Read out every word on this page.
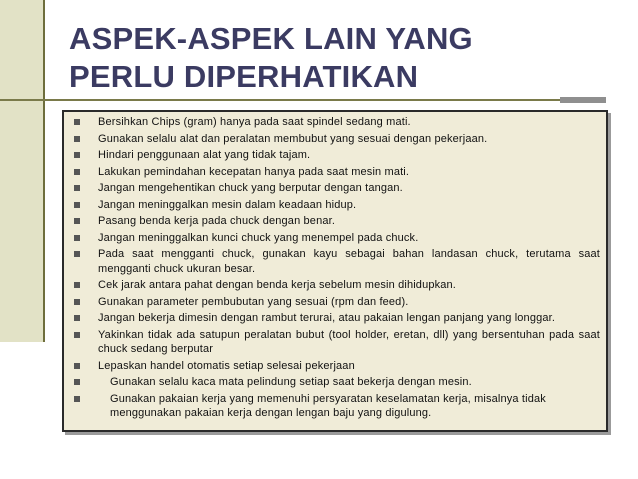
ASPEK-ASPEK LAIN YANG
PERLU DIPERHATIKAN
Bersihkan Chips (gram) hanya pada saat spindel sedang mati.
Gunakan selalu alat dan peralatan membubut yang sesuai dengan pekerjaan.
Hindari penggunaan alat yang tidak tajam.
Lakukan pemindahan kecepatan hanya pada saat mesin mati.
Jangan mengehentikan chuck yang berputar dengan tangan.
Jangan meninggalkan mesin dalam keadaan hidup.
Pasang benda kerja pada chuck dengan benar.
Jangan meninggalkan kunci chuck yang menempel pada chuck.
Pada saat mengganti chuck, gunakan kayu sebagai bahan landasan chuck, terutama saat mengganti chuck ukuran besar.
Cek jarak antara pahat dengan benda kerja sebelum mesin dihidupkan.
Gunakan parameter pembubutan yang sesuai (rpm dan feed).
Jangan bekerja dimesin dengan rambut terurai, atau pakaian lengan panjang yang longgar.
Yakinkan tidak ada satupun peralatan bubut (tool holder, eretan, dll) yang bersentuhan pada saat chuck sedang berputar
Lepaskan handel otomatis setiap selesai pekerjaan
Gunakan selalu kaca mata pelindung setiap saat bekerja dengan mesin.
Gunakan pakaian kerja yang memenuhi persyaratan keselamatan kerja, misalnya tidak menggunakan pakaian kerja dengan lengan baju yang digulung.
